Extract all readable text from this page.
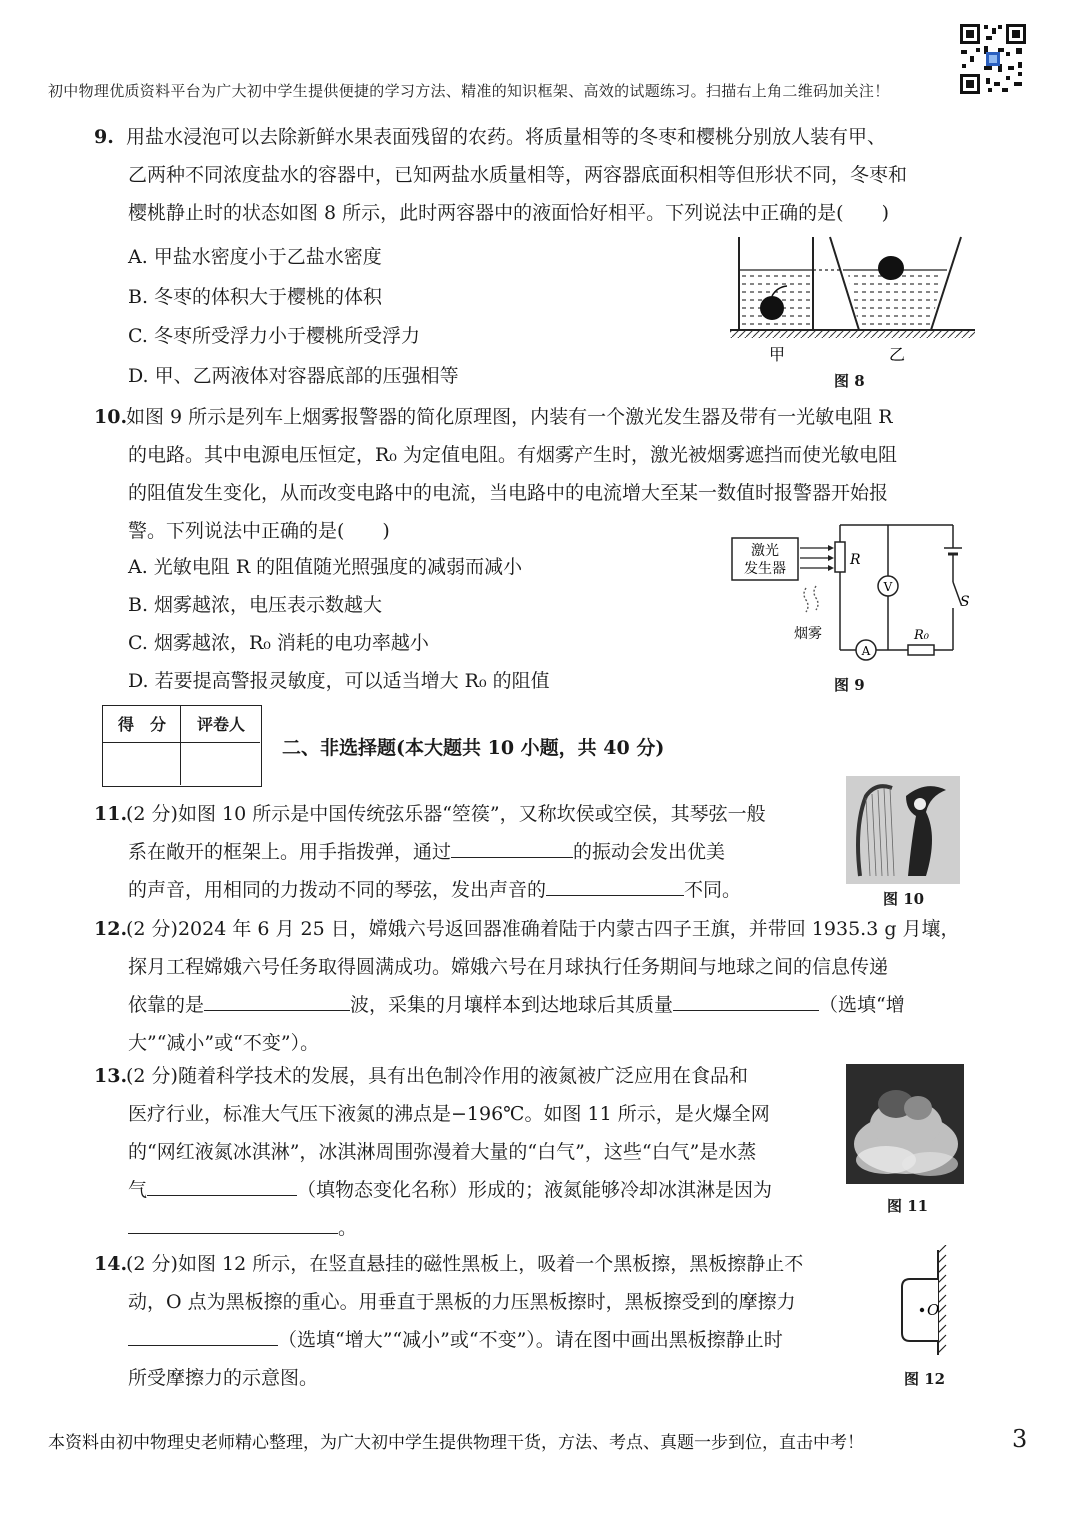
初中物理优质资料平台为广大初中学生提供便捷的学习方法、精准的知识框架、高效的试题练习。扫描右上角二维码加关注！
9. 用盐水浸泡可以去除新鲜水果表面残留的农药。将质量相等的冬枣和樱桃分别放人装有甲、

乙两种不同浓度盐水的容器中，已知两盐水质量相等，两容器底面积相等但形状不同，冬枣和

樱桃静止时的状态如图 8 所示，此时两容器中的液面恰好相平。下列说法中正确的是(　　)

A. 甲盐水密度小于乙盐水密度
B. 冬枣的体积大于樱桃的体积
C. 冬枣所受浮力小于樱桃所受浮力
D. 甲、乙两液体对容器底部的压强相等
甲	乙
图 8
10.

如图 9 所示是列车上烟雾报警器的简化原理图，内装有一个激光发生器及带有一光敏电阻 R

的电路。其中电源电压恒定，R₀ 为定值电阻。有烟雾产生时，激光被烟雾遮挡而使光敏电阻

的阻值发生变化，从而改变电路中的电流，当电路中的电流增大至某一数值时报警器开始报

警。下列说法中正确的是(　　)

A. 光敏电阻 R 的阻值随光照强度的减弱而减小
B. 烟雾越浓，电压表示数越大
C. 烟雾越浓，R₀ 消耗的电功率越小
D. 若要提高警报灵敏度，可以适当增大 R₀ 的阻值
激光
发生器
R
V
A
R₀
S
烟雾
图 9
得　分	评卷人
二、非选择题(本大题共 10 小题，共 40 分)
11.

(2 分)如图 10 所示是中国传统弦乐器“箜篌”，又称坎侯或空侯，其琴弦一般

系在敞开的框架上。用手指拨弹，通过	的振动会发出优美

的声音，用相同的力拨动不同的琴弦，发出声音的	不同。	图 10
12.

(2 分)2024 年 6 月 25 日，嫦娥六号返回器准确着陆于内蒙古四子王旗，并带回 1935.3 g 月壤，

探月工程嫦娥六号任务取得圆满成功。嫦娥六号在月球执行任务期间与地球之间的信息传递

依靠的是	波，采集的月壤样本到达地球后其质量	（选填“增

大”“减小”或“不变”）。

13.

(2 分)随着科学技术的发展，具有出色制冷作用的液氮被广泛应用在食品和

医疗行业，标准大气压下液氮的沸点是−196℃。如图 11 所示，是火爆全网

的“网红液氮冰淇淋”，冰淇淋周围弥漫着大量的“白气”，这些“白气”是水蒸

气	（填物态变化名称）形成的；液氮能够冷却冰淇淋是因为

。

图 11
14.

(2 分)如图 12 所示，在竖直悬挂的磁性黑板上，吸着一个黑板擦，黑板擦静止不

动，O 点为黑板擦的重心。用垂直于黑板的力压黑板擦时，黑板擦受到的摩擦力

（选填“增大”“减小”或“不变”）。请在图中画出黑板擦静止时

所受摩擦力的示意图。

O
图 12
本资料由初中物理史老师精心整理，为广大初中学生提供物理干货，方法、考点、真题一步到位，直击中考！	3
